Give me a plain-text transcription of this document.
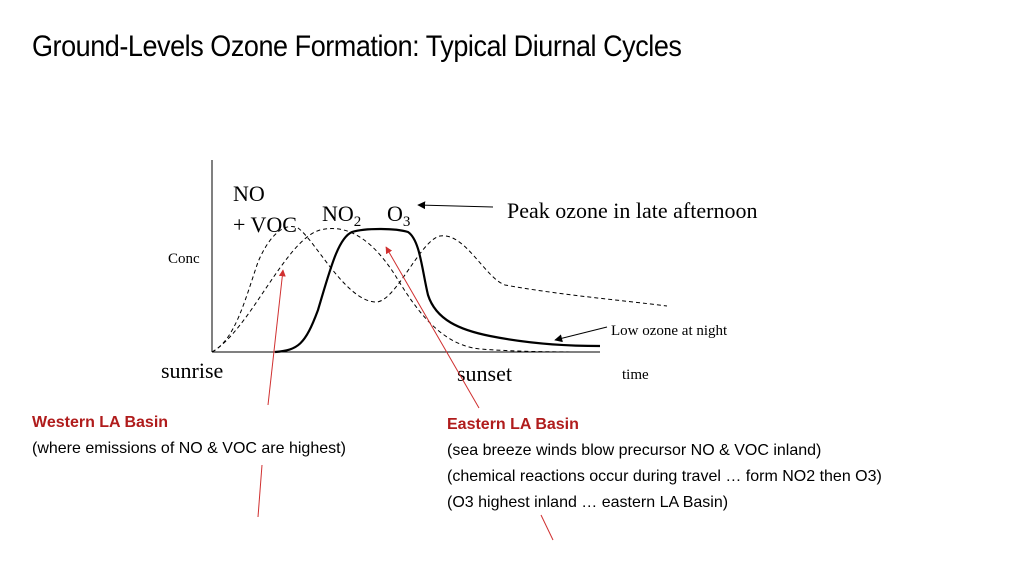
Ground-Levels Ozone Formation: Typical Diurnal Cycles
NO
+ VOC $NO_2$ $O_3$	Peak ozone in late afternoon
Conc
sunrise	sunset	time
Low ozone at night
Western LA Basin
(where emissions of NO & VOC are highest)
Eastern LA Basin
(sea breeze winds blow precursor NO & VOC inland)
(chemical reactions occur during travel … form NO2 then O3)
(O3 highest inland … eastern LA Basin)
